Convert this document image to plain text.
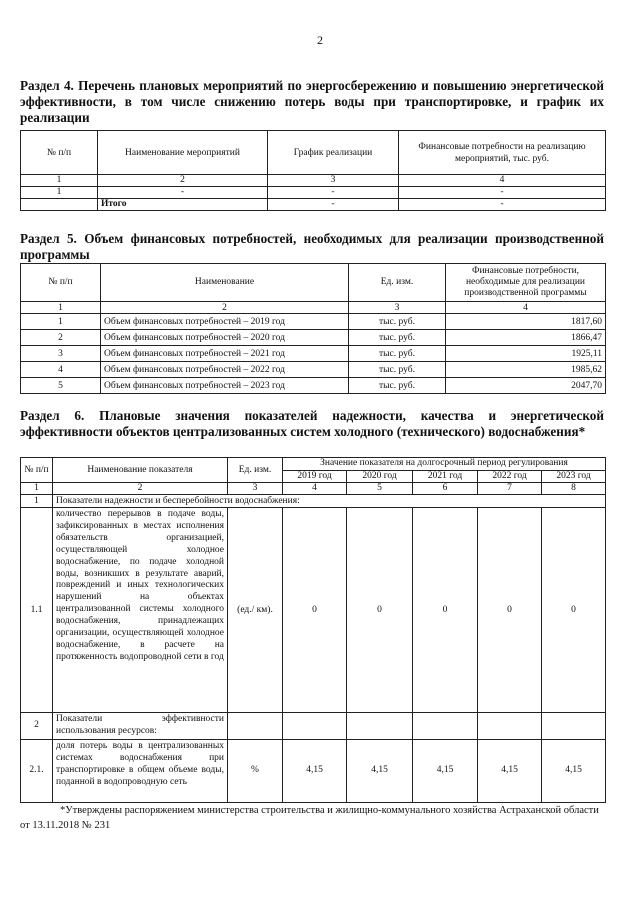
2
Раздел 4. Перечень плановых мероприятий по энергосбережению и повышению энергетической эффективности, в том числе снижению потерь воды при транспортировке, и график их реализации
№ п/п	Наименование мероприятий	График реализации	Финансовые потребности на реализацию мероприятий, тыс. руб.
1	2	3	4
1	-	-	-
	Итого	-	-
Раздел 5. Объем финансовых потребностей, необходимых для реализации производственной программы
№ п/п	Наименование	Ед. изм.	Финансовые потребности, необходимые для реализации производственной программы
1	2	3	4
1	Объем финансовых потребностей – 2019 год	тыс. руб.	1817,60
2	Объем финансовых потребностей – 2020 год	тыс. руб.	1866,47
3	Объем финансовых потребностей – 2021 год	тыс. руб.	1925,11
4	Объем финансовых потребностей – 2022 год	тыс. руб.	1985,62
5	Объем финансовых потребностей – 2023 год	тыс. руб.	2047,70
Раздел 6. Плановые значения показателей надежности, качества и энергетической эффективности объектов централизованных систем холодного (технического) водоснабжения*
№ п/п	Наименование показателя	Ед. изм.	Значение показателя на долгосрочный период регулирования				
			2019 год	2020 год	2021 год	2022 год	2023 год
1	2	3	4	5	6	7	8
1	Показатели надежности и бесперебойности водоснабжения:						
1.1	количество перерывов в подаче воды, зафиксированных в местах исполнения обязательств организацией, осуществляющей холодное водоснабжение, по подаче холодной воды, возникших в результате аварий, повреждений и иных технологических нарушений на объектах централизованной системы холодного водоснабжения, принадлежащих организации, осуществляющей холодное водоснабжение, в расчете на протяженность водопроводной сети в год	(ед./ км).	0	0	0	0	0
2	Показатели эффективности использования ресурсов:						
2.1.	доля потерь воды в централизованных системах водоснабжения при транспортировке в общем объеме воды, поданной в водопроводную сеть	%	4,15	4,15	4,15	4,15	4,15
*Утверждены распоряжением министерства строительства и жилищно-коммунального хозяйства Астраханской области от 13.11.2018 № 231
